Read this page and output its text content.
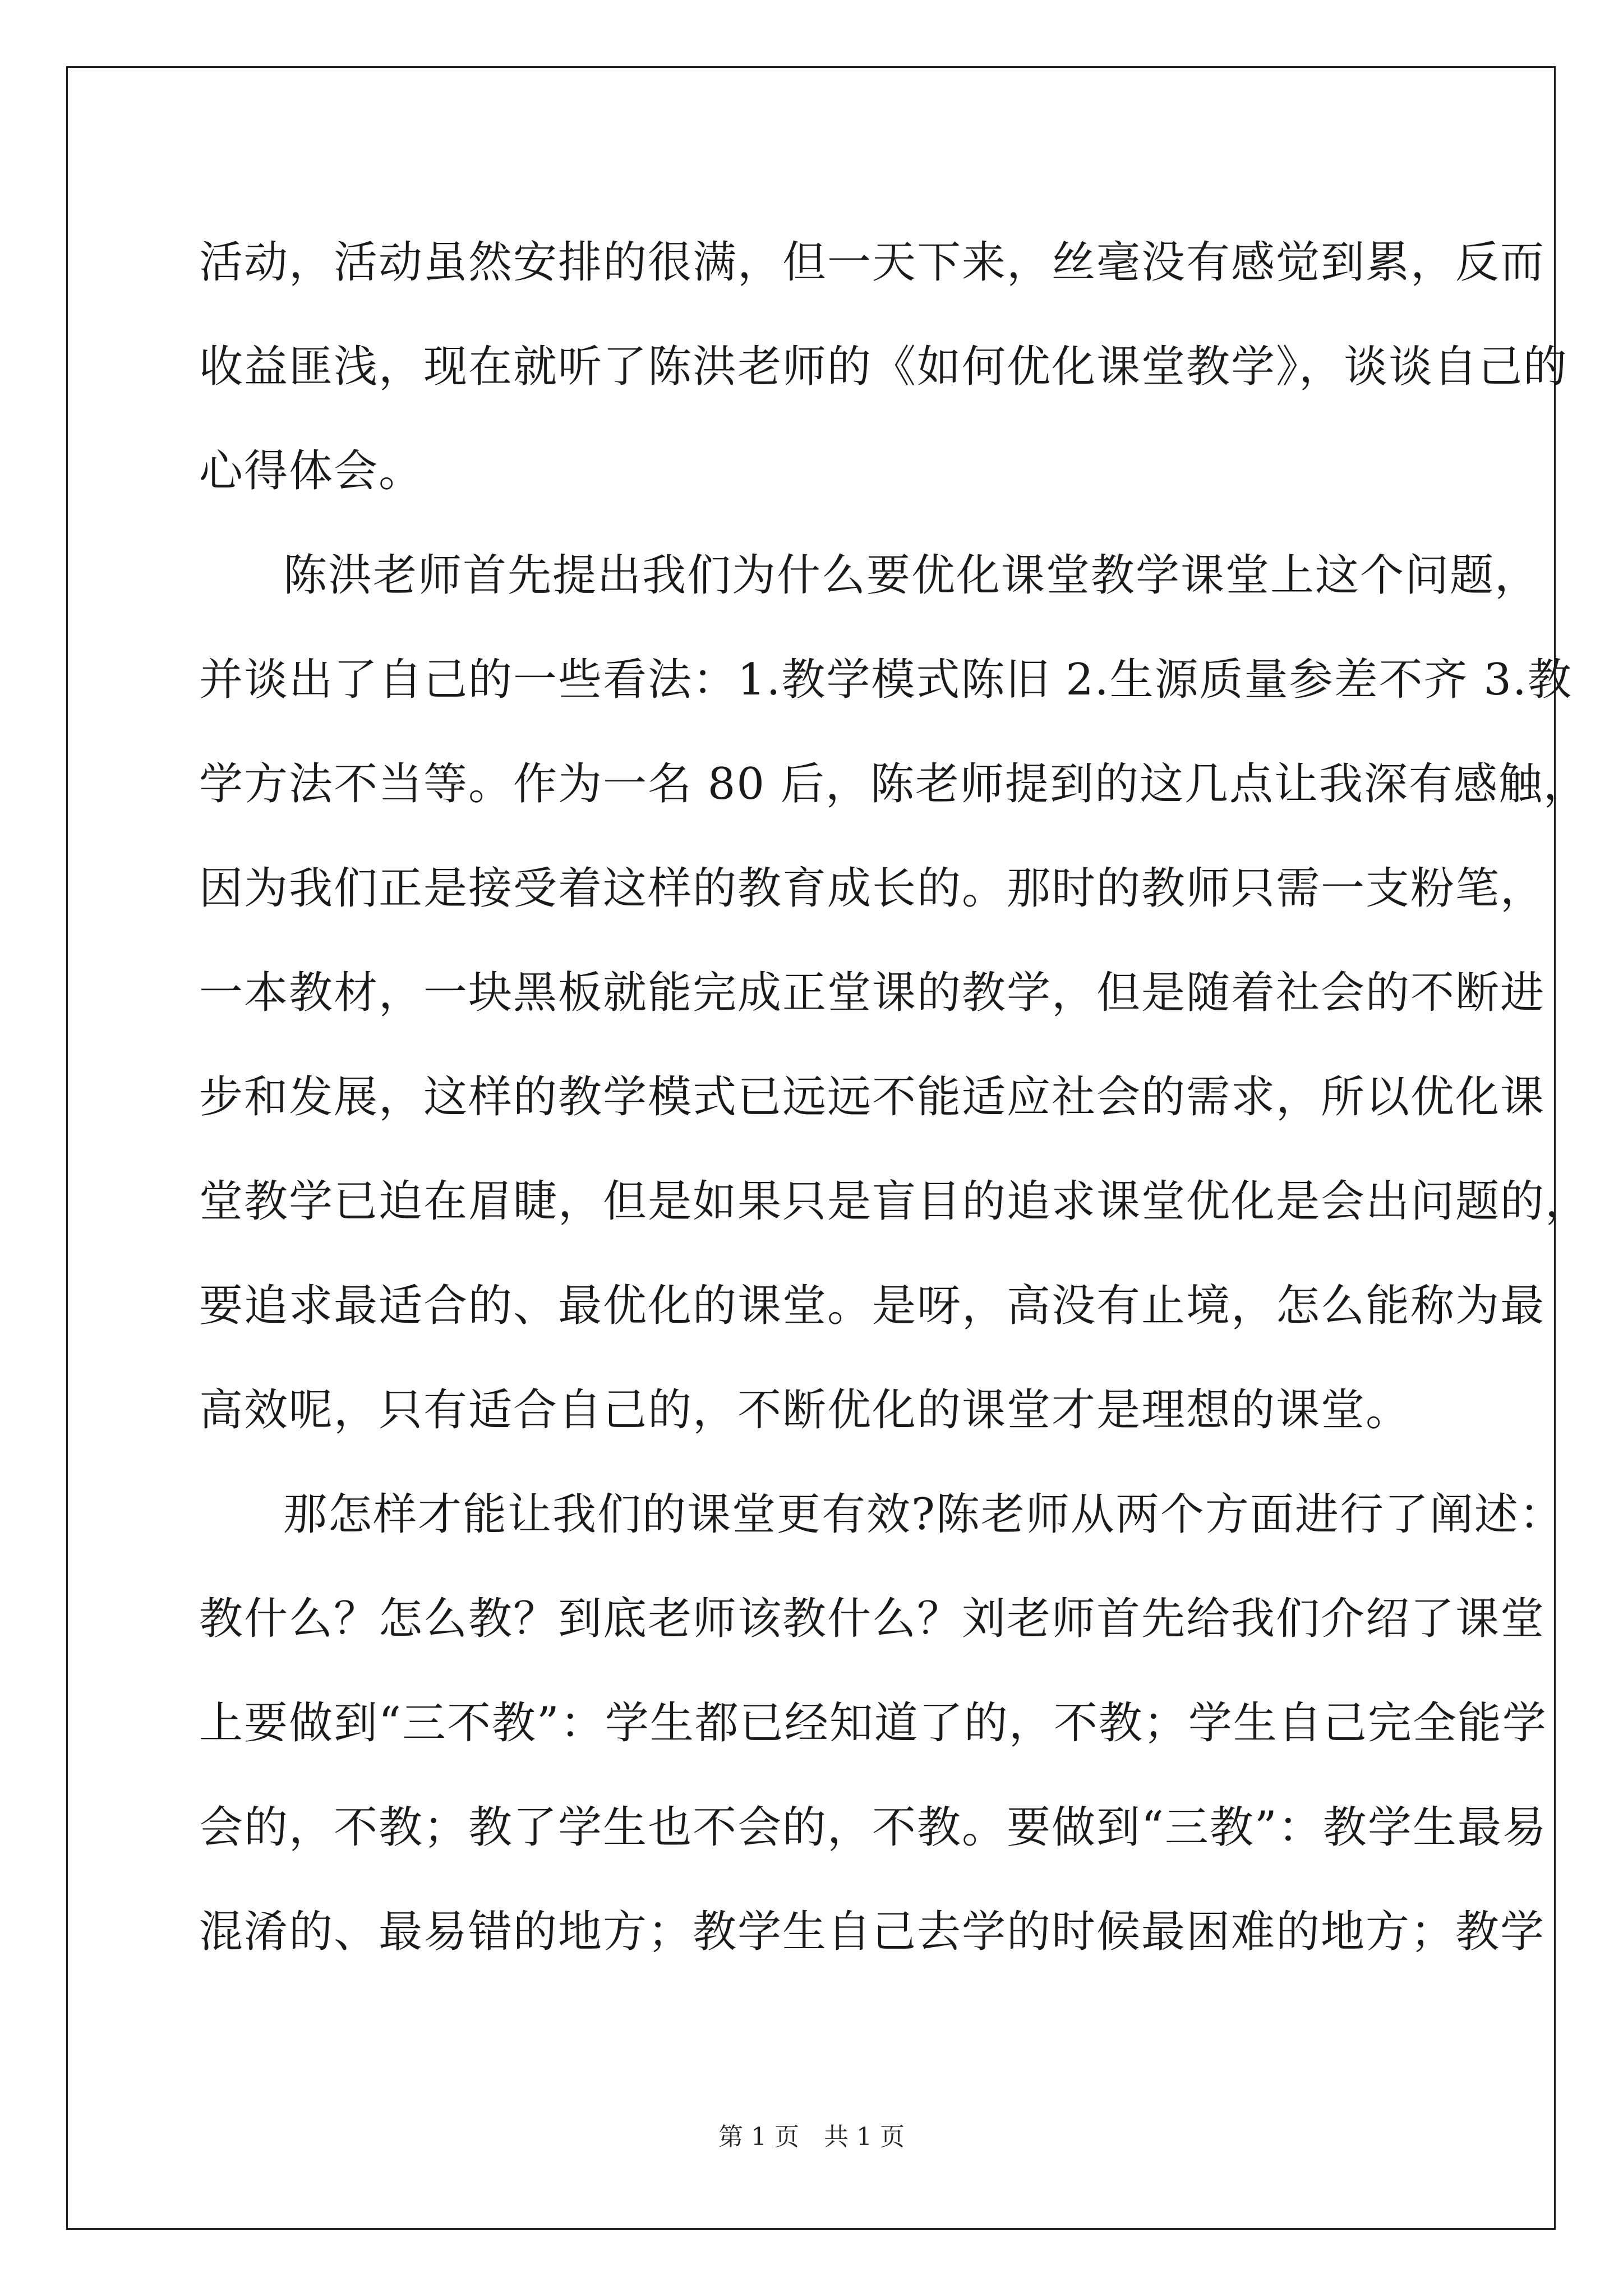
活动，活动虽然安排的很满，但一天下来，丝毫没有感觉到累，反而
收益匪浅，现在就听了陈洪老师的《如何优化课堂教学》，谈谈自己的
心得体会。
陈洪老师首先提出我们为什么要优化课堂教学课堂上这个问题，
并谈出了自己的一些看法：1.教学模式陈旧 2.生源质量参差不齐 3.教
学方法不当等。作为一名 80 后，陈老师提到的这几点让我深有感触，
因为我们正是接受着这样的教育成长的。那时的教师只需一支粉笔，
一本教材，一块黑板就能完成正堂课的教学，但是随着社会的不断进
步和发展，这样的教学模式已远远不能适应社会的需求，所以优化课
堂教学已迫在眉睫，但是如果只是盲目的追求课堂优化是会出问题的，
要追求最适合的、最优化的课堂。是呀，高没有止境，怎么能称为最
高效呢，只有适合自己的，不断优化的课堂才是理想的课堂。
那怎样才能让我们的课堂更有效?陈老师从两个方面进行了阐述：
教什么？怎么教？到底老师该教什么？刘老师首先给我们介绍了课堂
上要做到“三不教”：学生都已经知道了的，不教；学生自己完全能学
会的，不教；教了学生也不会的，不教。要做到“三教”：教学生最易
混淆的、最易错的地方；教学生自己去学的时候最困难的地方；教学
第 1 页　共 1 页
